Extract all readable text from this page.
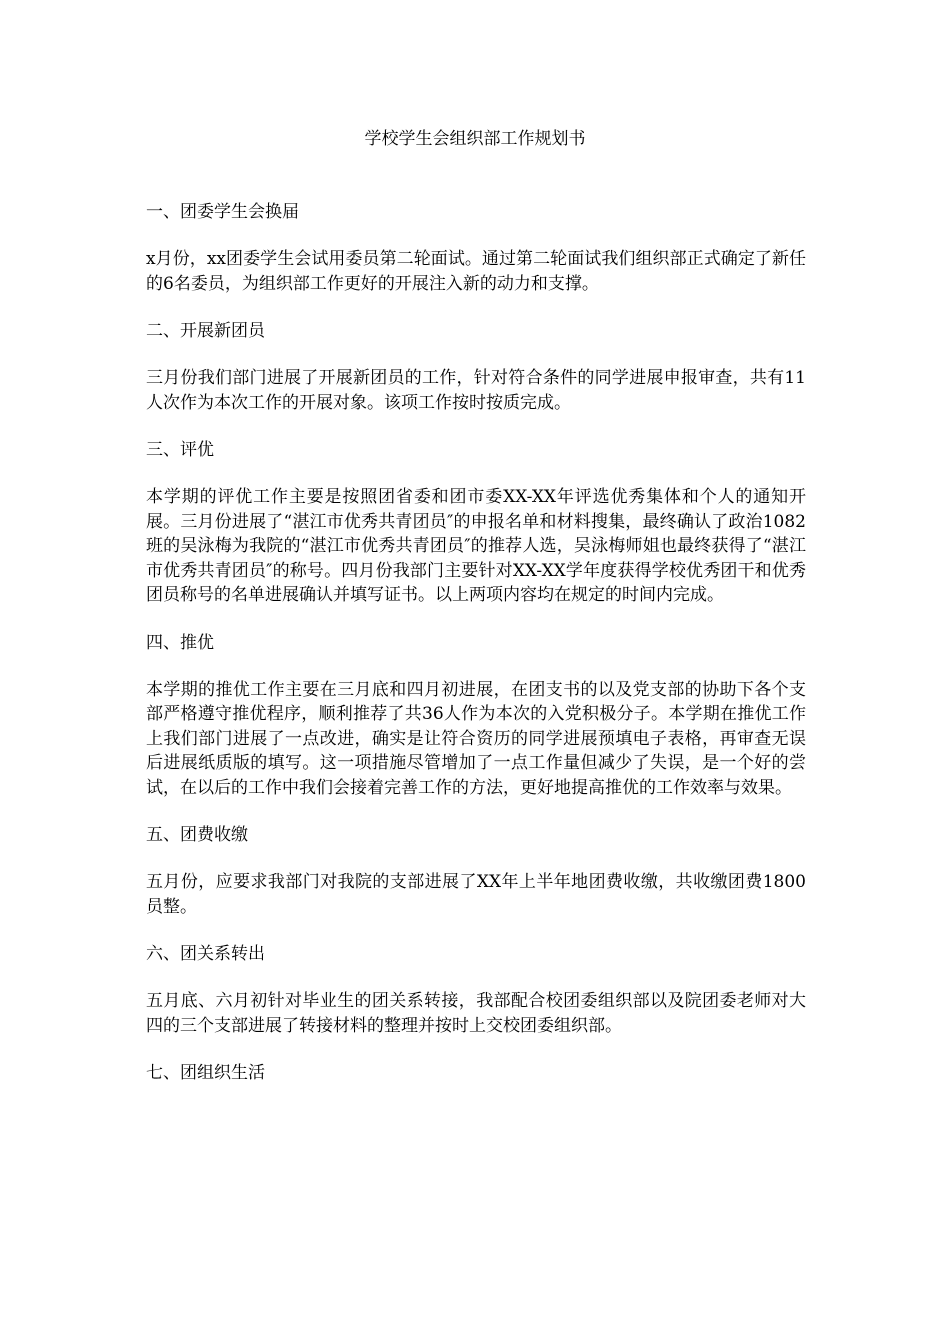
学校学生会组织部工作规划书
一、团委学生会换届

x月份，xx团委学生会试用委员第二轮面试。通过第二轮面试我们组织部正式确定了新任的6名委员，为组织部工作更好的开展注入新的动力和支撑。

二、开展新团员

三月份我们部门进展了开展新团员的工作，针对符合条件的同学进展申报审查，共有11人次作为本次工作的开展对象。该项工作按时按质完成。

三、评优

本学期的评优工作主要是按照团省委和团市委XX-XX年评选优秀集体和个人的通知开展。三月份进展了“湛江市优秀共青团员″的申报名单和材料搜集，最终确认了政治1082班的吴泳梅为我院的“湛江市优秀共青团员″的推荐人选，吴泳梅师姐也最终获得了“湛江市优秀共青团员″的称号。四月份我部门主要针对XX-XX学年度获得学校优秀团干和优秀团员称号的名单进展确认并填写证书。以上两项内容均在规定的时间内完成。

四、推优

本学期的推优工作主要在三月底和四月初进展，在团支书的以及党支部的协助下各个支部严格遵守推优程序，顺利推荐了共36人作为本次的入党积极分子。本学期在推优工作上我们部门进展了一点改进，确实是让符合资历的同学进展预填电子表格，再审查无误后进展纸质版的填写。这一项措施尽管增加了一点工作量但减少了失误，是一个好的尝试，在以后的工作中我们会接着完善工作的方法，更好地提高推优的工作效率与效果。

五、团费收缴

五月份，应要求我部门对我院的支部进展了XX年上半年地团费收缴，共收缴团费1800员整。

六、团关系转出

五月底、六月初针对毕业生的团关系转接，我部配合校团委组织部以及院团委老师对大四的三个支部进展了转接材料的整理并按时上交校团委组织部。

七、团组织生活
